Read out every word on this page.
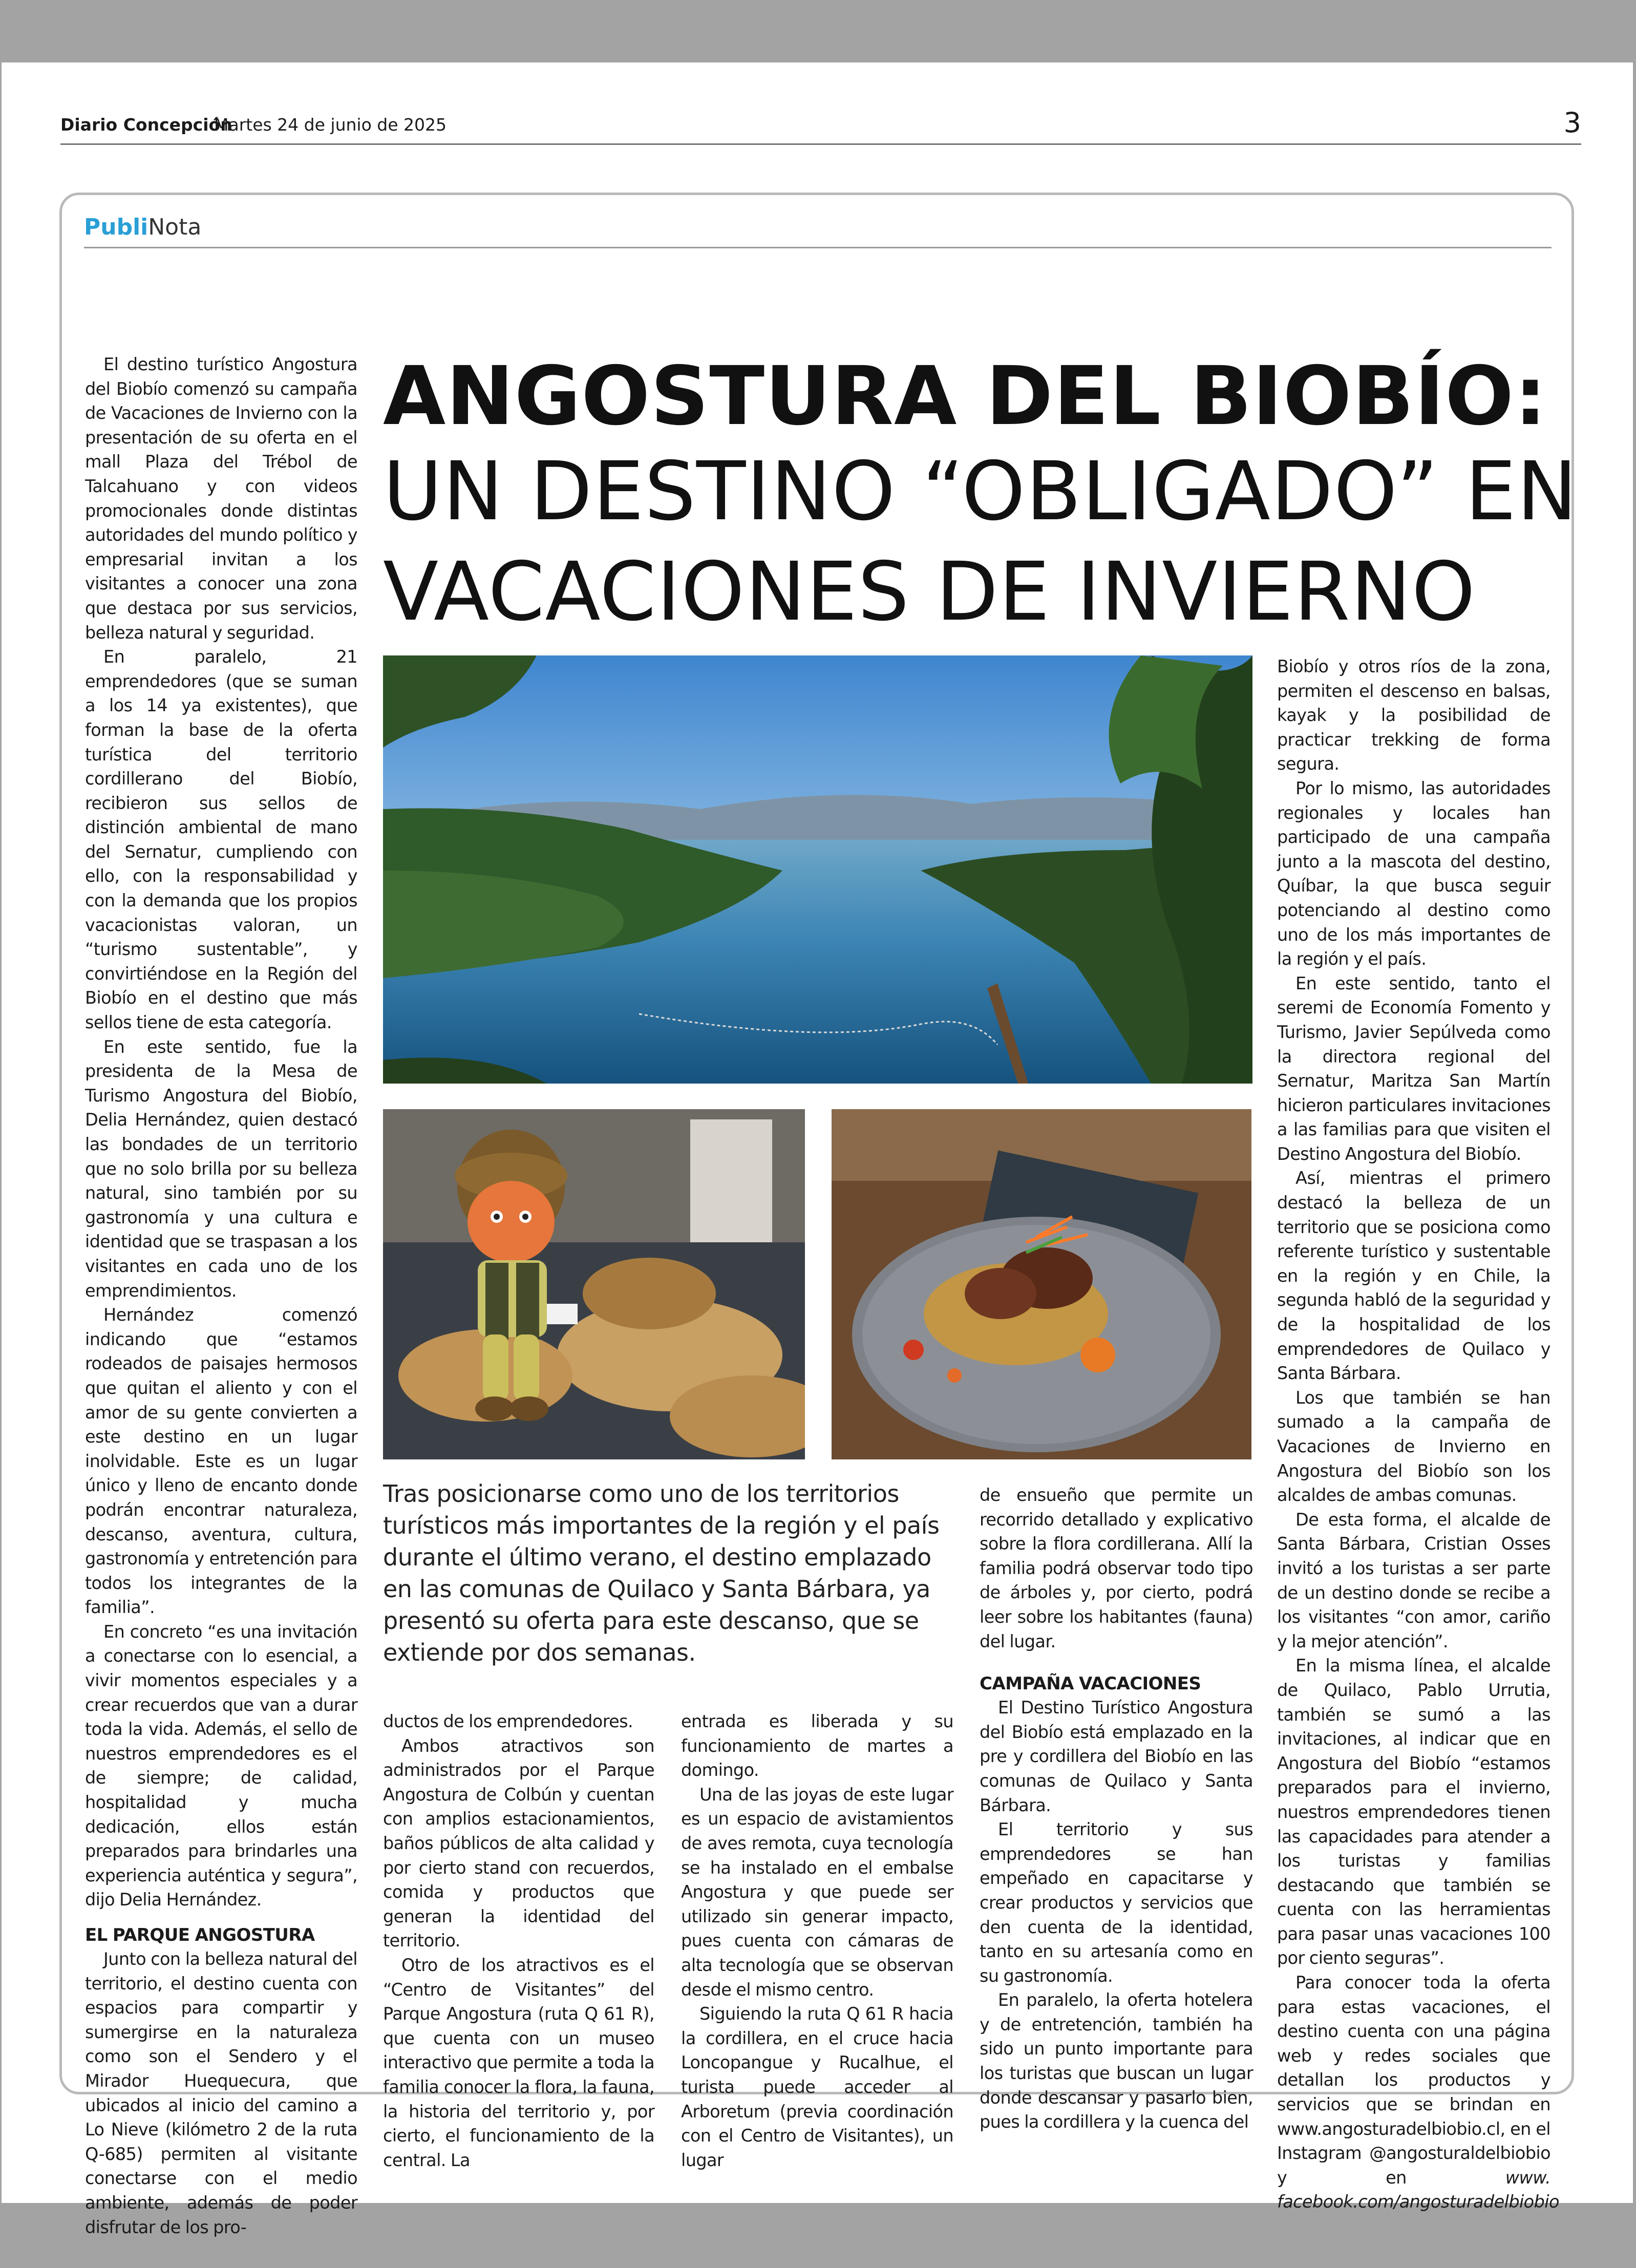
Diario Concepción
Martes 24 de junio de 2025	3
PubliNota
ANGOSTURA DEL BIOBÍO:
UN DESTINO “OBLIGADO” EN
VACACIONES DE INVIERNO
Tras posicionarse como uno de los territorios turísticos más importantes de la región y el país durante el último verano, el destino emplazado en las comunas de Quilaco y Santa Bárbara, ya presentó su oferta para este descanso, que se extiende por dos semanas.

El destino turístico Angostura del Biobío comenzó su campaña de Vacaciones de Invierno con la presentación de su oferta en el mall Plaza del Trébol de Talcahuano y con videos promocionales donde distintas autoridades del mundo político y empresarial invitan a los visitantes a conocer una zona que destaca por sus servicios, belleza natural y seguridad.

En paralelo, 21 emprendedores (que se suman a los 14 ya existentes), que forman la base de la oferta turística del territorio cordillerano del Biobío, recibieron sus sellos de distinción ambiental de mano del Sernatur, cumpliendo con ello, con la responsabilidad y con la demanda que los propios vacacionistas valoran, un “turismo sustentable”, y convirtiéndose en la Región del Biobío en el destino que más sellos tiene de esta categoría.

En este sentido, fue la presidenta de la Mesa de Turismo Angostura del Biobío, Delia Hernández, quien destacó las bondades de un territorio que no solo brilla por su belleza natural, sino también por su gastronomía y una cultura e identidad que se traspasan a los visitantes en cada uno de los emprendimientos.

Hernández comenzó indicando que “estamos rodeados de paisajes hermosos que quitan el aliento y con el amor de su gente convierten a este destino en un lugar inolvidable. Este es un lugar único y lleno de encanto donde podrán encontrar naturaleza, descanso, aventura, cultura, gastronomía y entretención para todos los integrantes de la familia”.

En concreto “es una invitación a conectarse con lo esencial, a vivir momentos especiales y a crear recuerdos que van a durar toda la vida. Además, el sello de nuestros emprendedores es el de siempre; de calidad, hospitalidad y mucha dedicación, ellos están preparados para brindarles una experiencia auténtica y segura”, dijo Delia Hernández.

EL PARQUE ANGOSTURA

Junto con la belleza natural del territorio, el destino cuenta con espacios para compartir y sumergirse en la naturaleza como son el Sendero y el Mirador Huequecura, que ubicados al inicio del camino a Lo Nieve (kilómetro 2 de la ruta Q-685) permiten al visitante conectarse con el medio ambiente, además de poder disfrutar de los pro-

ductos de los emprendedores.

Ambos atractivos son administrados por el Parque Angostura de Colbún y cuentan con amplios estacionamientos, baños públicos de alta calidad y por cierto stand con recuerdos, comida y productos que generan la identidad del territorio.

Otro de los atractivos es el “Centro de Visitantes” del Parque Angostura (ruta Q 61 R), que cuenta con un museo interactivo que permite a toda la familia conocer la flora, la fauna, la historia del territorio y, por cierto, el funcionamiento de la central. La

entrada es liberada y su funcionamiento de martes a domingo.

Una de las joyas de este lugar es un espacio de avistamientos de aves remota, cuya tecnología se ha instalado en el embalse Angostura y que puede ser utilizado sin generar impacto, pues cuenta con cámaras de alta tecnología que se observan desde el mismo centro.

Siguiendo la ruta Q 61 R hacia la cordillera, en el cruce hacia Loncopangue y Rucalhue, el turista puede acceder al Arboretum (previa coordinación con el Centro de Visitantes), un lugar

de ensueño que permite un recorrido detallado y explicativo sobre la flora cordillerana. Allí la familia podrá observar todo tipo de árboles y, por cierto, podrá leer sobre los habitantes (fauna) del lugar.

CAMPAÑA VACACIONES

El Destino Turístico Angostura del Biobío está emplazado en la pre y cordillera del Biobío en las comunas de Quilaco y Santa Bárbara.

El territorio y sus emprendedores se han empeñado en capacitarse y crear productos y servicios que den cuenta de la identidad, tanto en su artesanía como en su gastronomía.

En paralelo, la oferta hotelera y de entretención, también ha sido un punto importante para los turistas que buscan un lugar donde descansar y pasarlo bien, pues la cordillera y la cuenca del

Biobío y otros ríos de la zona, permiten el descenso en balsas, kayak y la posibilidad de practicar trekking de forma segura.

Por lo mismo, las autoridades regionales y locales han participado de una campaña junto a la mascota del destino, Quíbar, la que busca seguir potenciando al destino como uno de los más importantes de la región y el país.

En este sentido, tanto el seremi de Economía Fomento y Turismo, Javier Sepúlveda como la directora regional del Sernatur, Maritza San Martín hicieron particulares invitaciones a las familias para que visiten el Destino Angostura del Biobío.

Así, mientras el primero destacó la belleza de un territorio que se posiciona como referente turístico y sustentable en la región y en Chile, la segunda habló de la seguridad y de la hospitalidad de los emprendedores de Quilaco y Santa Bárbara.

Los que también se han sumado a la campaña de Vacaciones de Invierno en Angostura del Biobío son los alcaldes de ambas comunas.

De esta forma, el alcalde de Santa Bárbara, Cristian Osses invitó a los turistas a ser parte de un destino donde se recibe a los visitantes “con amor, cariño y la mejor atención”.

En la misma línea, el alcalde de Quilaco, Pablo Urrutia, también se sumó a las invitaciones, al indicar que en Angostura del Biobío “estamos preparados para el invierno, nuestros emprendedores tienen las capacidades para atender a los turistas y familias destacando que también se cuenta con las herramientas para pasar unas vacaciones 100 por ciento seguras”.

Para conocer toda la oferta para estas vacaciones, el destino cuenta con una página web y redes sociales que detallan los productos y servicios que se brindan en www.angosturadelbiobio.cl, en el Instagram @angosturaldelbiobio y en www. facebook.com/angosturadelbiobio
